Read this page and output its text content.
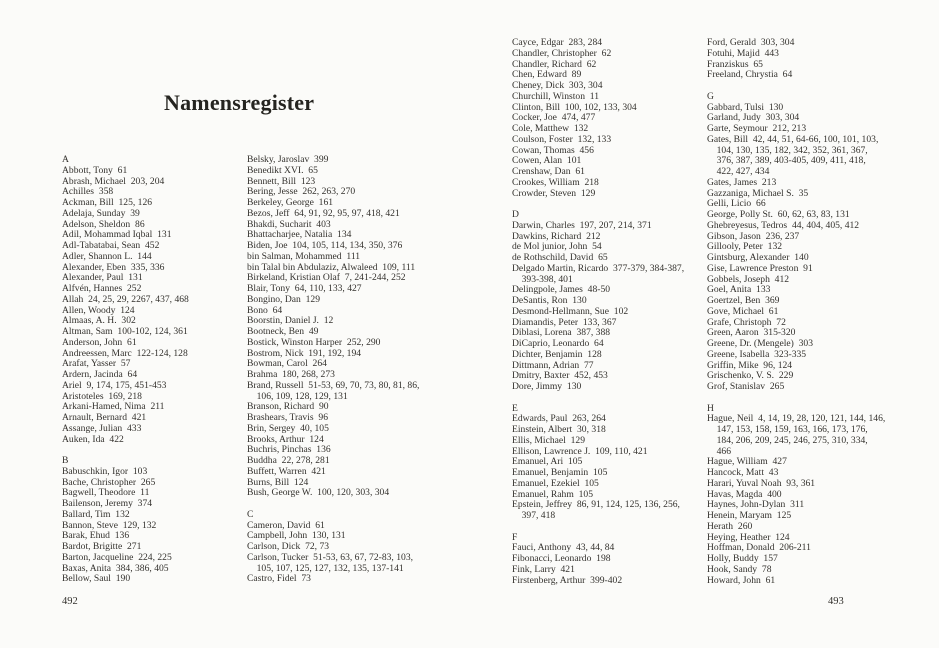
Namensregister
A
Abbott, Tony  61
Abrash, Michael  203, 204
Achilles  358
Ackman, Bill  125, 126
Adelaja, Sunday  39
Adelson, Sheldon  86
Adil, Mohammad Iqbal  131
Adl-Tabatabai, Sean  452
Adler, Shannon L.  144
Alexander, Eben  335, 336
Alexander, Paul  131
Alfvén, Hannes  252
Allah  24, 25, 29, 2267, 437, 468
Allen, Woody  124
Almaas, A. H.  302
Altman, Sam  100-102, 124, 361
Anderson, John  61
Andreessen, Marc  122-124, 128
Arafat, Yasser  57
Ardern, Jacinda  64
Ariel  9, 174, 175, 451-453
Aristoteles  169, 218
Arkani-Hamed, Nima  211
Arnault, Bernard  421
Assange, Julian  433
Auken, Ida  422
B
Babuschkin, Igor  103
Bache, Christopher  265
Bagwell, Theodore  11
Bailenson, Jeremy  374
Ballard, Tim  132
Bannon, Steve  129, 132
Barak, Ehud  136
Bardot, Brigitte  271
Barton, Jacqueline  224, 225
Baxas, Anita  384, 386, 405
Bellow, Saul  190
Belsky, Jaroslav  399
Benedikt XVI.  65
Bennett, Bill  123
Bering, Jesse  262, 263, 270
Berkeley, George  161
Bezos, Jeff  64, 91, 92, 95, 97, 418, 421
Bhakdi, Sucharit  403
Bhattacharjee, Natalia  134
Biden, Joe  104, 105, 114, 134, 350, 376
bin Salman, Mohammed  111
bin Talal bin Abdulaziz, Alwaleed  109, 111
Birkeland, Kristian Olaf  7, 241-244, 252
Blair, Tony  64, 110, 133, 427
Bongino, Dan  129
Bono  64
Boorstin, Daniel J.  12
Bootneck, Ben  49
Bostick, Winston Harper  252, 290
Bostrom, Nick  191, 192, 194
Bowman, Carol  264
Brahma  180, 268, 273
Brand, Russell  51-53, 69, 70, 73, 80, 81, 86,
106, 109, 128, 129, 131
Branson, Richard  90
Brashears, Travis  96
Brin, Sergey  40, 105
Brooks, Arthur  124
Buchris, Pinchas  136
Buddha  22, 278, 281
Buffett, Warren  421
Burns, Bill  124
Bush, George W.  100, 120, 303, 304
C
Cameron, David  61
Campbell, John  130, 131
Carlson, Dick  72, 73
Carlson, Tucker  51-53, 63, 67, 72-83, 103,
105, 107, 125, 127, 132, 135, 137-141
Castro, Fidel  73
Cayce, Edgar  283, 284
Chandler, Christopher  62
Chandler, Richard  62
Chen, Edward  89
Cheney, Dick  303, 304
Churchill, Winston  11
Clinton, Bill  100, 102, 133, 304
Cocker, Joe  474, 477
Cole, Matthew  132
Coulson, Foster  132, 133
Cowan, Thomas  456
Cowen, Alan  101
Crenshaw, Dan  61
Crookes, William  218
Crowder, Steven  129
D
Darwin, Charles  197, 207, 214, 371
Dawkins, Richard  212
de Mol junior, John  54
de Rothschild, David  65
Delgado Martin, Ricardo  377-379, 384-387,
393-398, 401
Delingpole, James  48-50
DeSantis, Ron  130
Desmond-Hellmann, Sue  102
Diamandis, Peter  133, 367
Diblasi, Lorena  387, 388
DiCaprio, Leonardo  64
Dichter, Benjamin  128
Dittmann, Adrian  77
Dmitry, Baxter  452, 453
Dore, Jimmy  130
E
Edwards, Paul  263, 264
Einstein, Albert  30, 318
Ellis, Michael  129
Ellison, Lawrence J.  109, 110, 421
Emanuel, Ari  105
Emanuel, Benjamin  105
Emanuel, Ezekiel  105
Emanuel, Rahm  105
Epstein, Jeffrey  86, 91, 124, 125, 136, 256,
397, 418
F
Fauci, Anthony  43, 44, 84
Fibonacci, Leonardo  198
Fink, Larry  421
Firstenberg, Arthur  399-402
Ford, Gerald  303, 304
Fotuhi, Majid  443
Franziskus  65
Freeland, Chrystia  64
G
Gabbard, Tulsi  130
Garland, Judy  303, 304
Garte, Seymour  212, 213
Gates, Bill  42, 44, 51, 64-66, 100, 101, 103,
104, 130, 135, 182, 342, 352, 361, 367,
376, 387, 389, 403-405, 409, 411, 418,
422, 427, 434
Gates, James  213
Gazzaniga, Michael S.  35
Gelli, Licio  66
George, Polly St.  60, 62, 63, 83, 131
Ghebreyesus, Tedros  44, 404, 405, 412
Gibson, Jason  236, 237
Gillooly, Peter  132
Gintsburg, Alexander  140
Gise, Lawrence Preston  91
Gobbels, Joseph  412
Goel, Anita  133
Goertzel, Ben  369
Gove, Michael  61
Grafe, Christoph  72
Green, Aaron  315-320
Greene, Dr. (Mengele)  303
Greene, Isabella  323-335
Griffin, Mike  96, 124
Grischenko, V. S.  229
Grof, Stanislav  265
H
Hague, Neil  4, 14, 19, 28, 120, 121, 144, 146,
147, 153, 158, 159, 163, 166, 173, 176,
184, 206, 209, 245, 246, 275, 310, 334,
466
Hague, William  427
Hancock, Matt  43
Harari, Yuval Noah  93, 361
Havas, Magda  400
Haynes, John-Dylan  311
Henein, Maryam  125
Herath  260
Heying, Heather  124
Hoffman, Donald  206-211
Holly, Buddy  157
Hook, Sandy  78
Howard, John  61
492	493
